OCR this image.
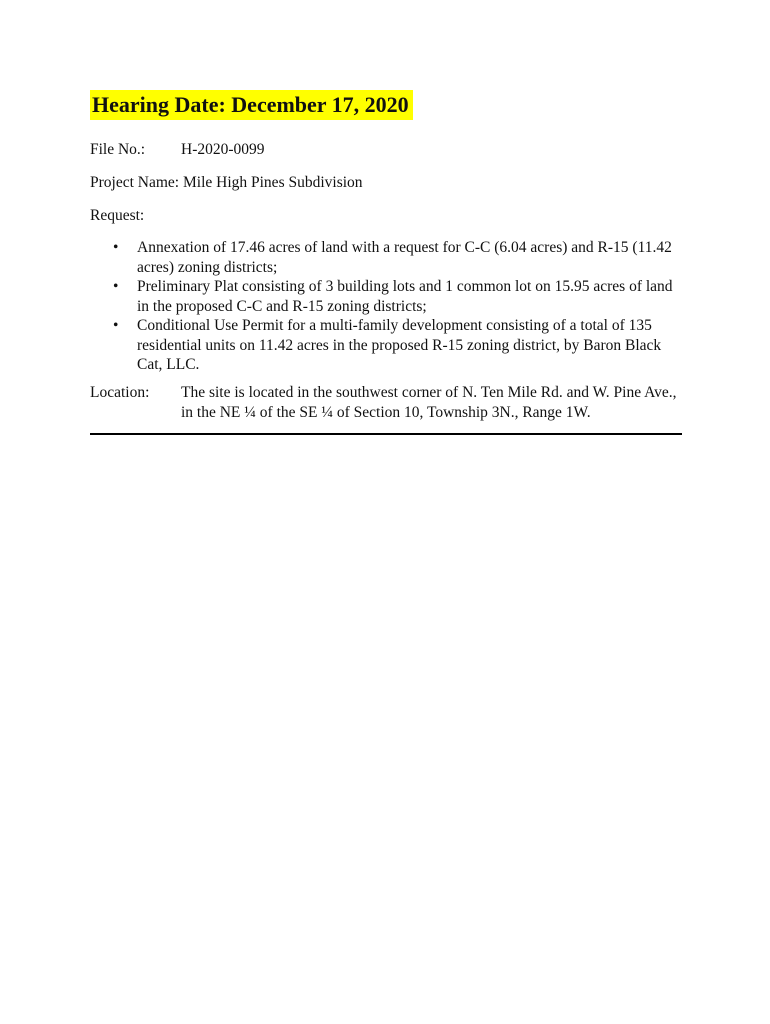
Hearing Date: December 17, 2020
File No.: H-2020-0099
Project Name: Mile High Pines Subdivision
Request:
• Annexation of 17.46 acres of land with a request for C-C (6.04 acres) and R-15 (11.42 acres) zoning districts;
• Preliminary Plat consisting of 3 building lots and 1 common lot on 15.95 acres of land in the proposed C-C and R-15 zoning districts;
• Conditional Use Permit for a multi-family development consisting of a total of 135 residential units on 11.42 acres in the proposed R-15 zoning district, by Baron Black Cat, LLC.
Location:	The site is located in the southwest corner of N. Ten Mile Rd. and W. Pine Ave., in the NE ¼ of the SE ¼ of Section 10, Township 3N., Range 1W.
